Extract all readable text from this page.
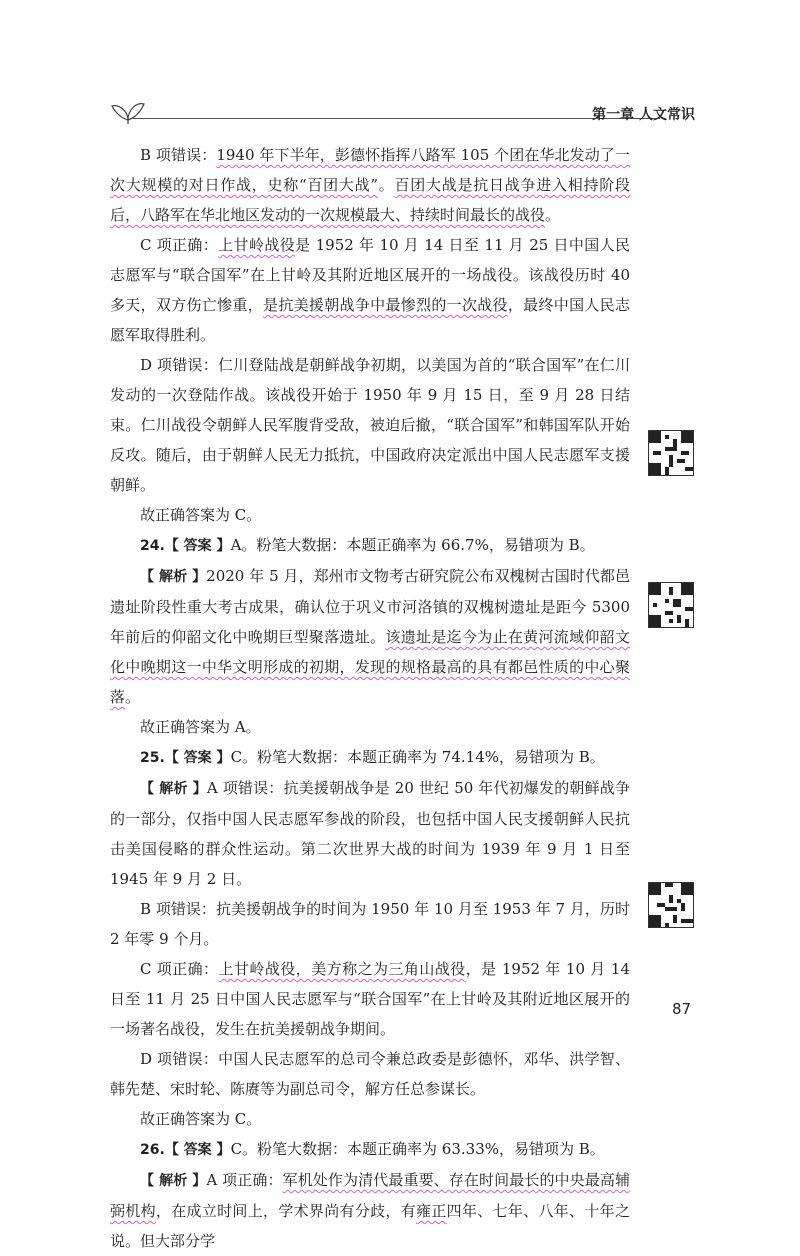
第一章 人文常识

B 项错误：1940 年下半年，彭德怀指挥八路军 105 个团在华北发动了一次大规模的对日作战，史称“百团大战”。百团大战是抗日战争进入相持阶段后，八路军在华北地区发动的一次规模最大、持续时间最长的战役。

C 项正确：上甘岭战役是 1952 年 10 月 14 日至 11 月 25 日中国人民志愿军与“联合国军”在上甘岭及其附近地区展开的一场战役。该战役历时 40 多天，双方伤亡惨重，是抗美援朝战争中最惨烈的一次战役，最终中国人民志愿军取得胜利。

D 项错误：仁川登陆战是朝鲜战争初期，以美国为首的“联合国军”在仁川发动的一次登陆作战。该战役开始于 1950 年 9 月 15 日，至 9 月 28 日结束。仁川战役令朝鲜人民军腹背受敌，被迫后撤，“联合国军”和韩国军队开始反攻。随后，由于朝鲜人民无力抵抗，中国政府决定派出中国人民志愿军支援朝鲜。

故正确答案为 C。

24.【 答案 】A。粉笔大数据：本题正确率为 66.7%，易错项为 B。

【 解析 】2020 年 5 月，郑州市文物考古研究院公布双槐树古国时代都邑遗址阶段性重大考古成果，确认位于巩义市河洛镇的双槐树遗址是距今 5300 年前后的仰韶文化中晚期巨型聚落遗址。该遗址是迄今为止在黄河流域仰韶文化中晚期这一中华文明形成的初期，发现的规格最高的具有都邑性质的中心聚落。

故正确答案为 A。

25.【 答案 】C。粉笔大数据：本题正确率为 74.14%，易错项为 B。

【 解析 】A 项错误：抗美援朝战争是 20 世纪 50 年代初爆发的朝鲜战争的一部分，仅指中国人民志愿军参战的阶段，也包括中国人民支援朝鲜人民抗击美国侵略的群众性运动。第二次世界大战的时间为 1939 年 9 月 1 日至 1945 年 9 月 2 日。

B 项错误：抗美援朝战争的时间为 1950 年 10 月至 1953 年 7 月，历时 2 年零 9 个月。

C 项正确：上甘岭战役，美方称之为三角山战役，是 1952 年 10 月 14 日至 11 月 25 日中国人民志愿军与“联合国军”在上甘岭及其附近地区展开的一场著名战役，发生在抗美援朝战争期间。

D 项错误：中国人民志愿军的总司令兼总政委是彭德怀，邓华、洪学智、韩先楚、宋时轮、陈赓等为副总司令，解方任总参谋长。

故正确答案为 C。

26.【 答案 】C。粉笔大数据：本题正确率为 63.33%，易错项为 B。

【 解析 】A 项正确：军机处作为清代最重要、存在时间最长的中央最高辅弼机构，在成立时间上，学术界尚有分歧，有雍正四年、七年、八年、十年之说。但大部分学

87
